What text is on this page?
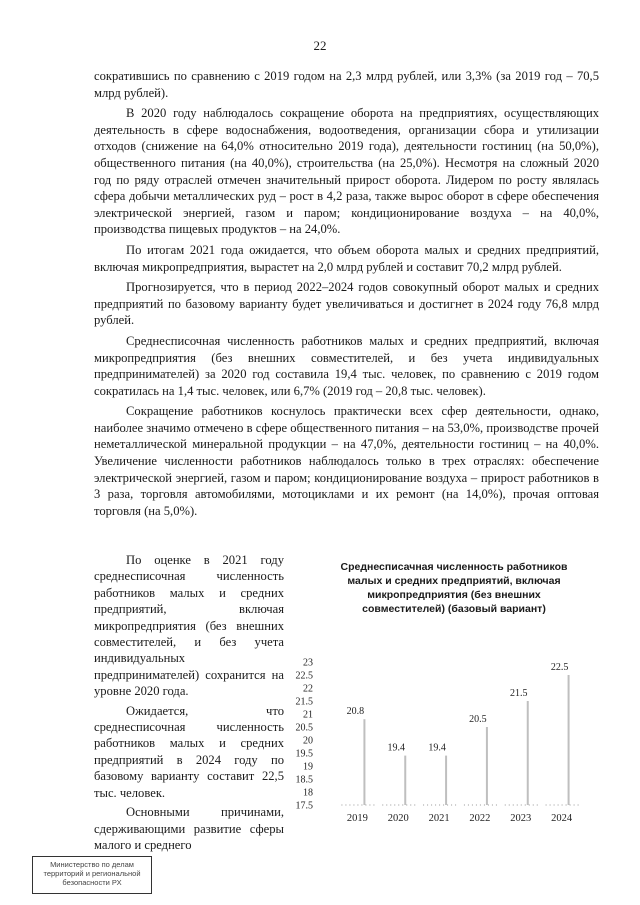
22

сократившись по сравнению с 2019 годом на 2,3 млрд рублей, или 3,3% (за 2019 год – 70,5 млрд рублей).

В 2020 году наблюдалось сокращение оборота на предприятиях, осуществляющих деятельность в сфере водоснабжения, водоотведения, организации сбора и утилизации отходов (снижение на 64,0% относительно 2019 года), деятельности гостиниц (на 50,0%), общественного питания (на 40,0%), строительства (на 25,0%). Несмотря на сложный 2020 год по ряду отраслей отмечен значительный прирост оборота. Лидером по росту являлась сфера добычи металлических руд – рост в 4,2 раза, также вырос оборот в сфере обеспечения электрической энергией, газом и паром; кондиционирование воздуха – на 40,0%, производства пищевых продуктов – на 24,0%.

По итогам 2021 года ожидается, что объем оборота малых и средних предприятий, включая микропредприятия, вырастет на 2,0 млрд рублей и составит 70,2 млрд рублей.

Прогнозируется, что в период 2022–2024 годов совокупный оборот малых и средних предприятий по базовому варианту будет увеличиваться и достигнет в 2024 году 76,8 млрд рублей.

Среднесписочная численность работников малых и средних предприятий, включая микропредприятия (без внешних совместителей, и без учета индивидуальных предпринимателей) за 2020 год составила 19,4 тыс. человек, по сравнению с 2019 годом сократилась на 1,4 тыс. человек, или 6,7% (2019 год – 20,8 тыс. человек).

Сокращение работников коснулось практически всех сфер деятельности, однако, наиболее значимо отмечено в сфере общественного питания – на 53,0%, производстве прочей неметаллической минеральной продукции – на 47,0%, деятельности гостиниц – на 40,0%. Увеличение численности работников наблюдалось только в трех отраслях: обеспечение электрической энергией, газом и паром; кондиционирование воздуха – прирост работников в 3 раза, торговля автомобилями, мотоциклами и их ремонт (на 14,0%), прочая оптовая торговля (на 5,0%).

По оценке в 2021 году среднесписочная численность работников малых и средних предприятий, включая микропредприятия (без внешних совместителей, и без учета индивидуальных предпринимателей) сохранится на уровне 2020 года.

Ожидается, что среднесписочная численность работников малых и средних предприятий в 2024 году по базовому варианту составит 22,5 тыс. человек.

Основными причинами, сдерживающими развитие сферы малого и среднего

Среднесписачная численность работников малых и средних предприятий, включая микропредприятия (без внешних совместителей) (базовый вариант)
23
22.5
22
21.5
21
20.5
20
19.5
19
18.5
18
17.5
20.8
2019
19.4
2020
19.4
2021
20.5
2022
21.5
2023
22.5
2024
Министерство по делам территорий и региональной безопасности РХ
